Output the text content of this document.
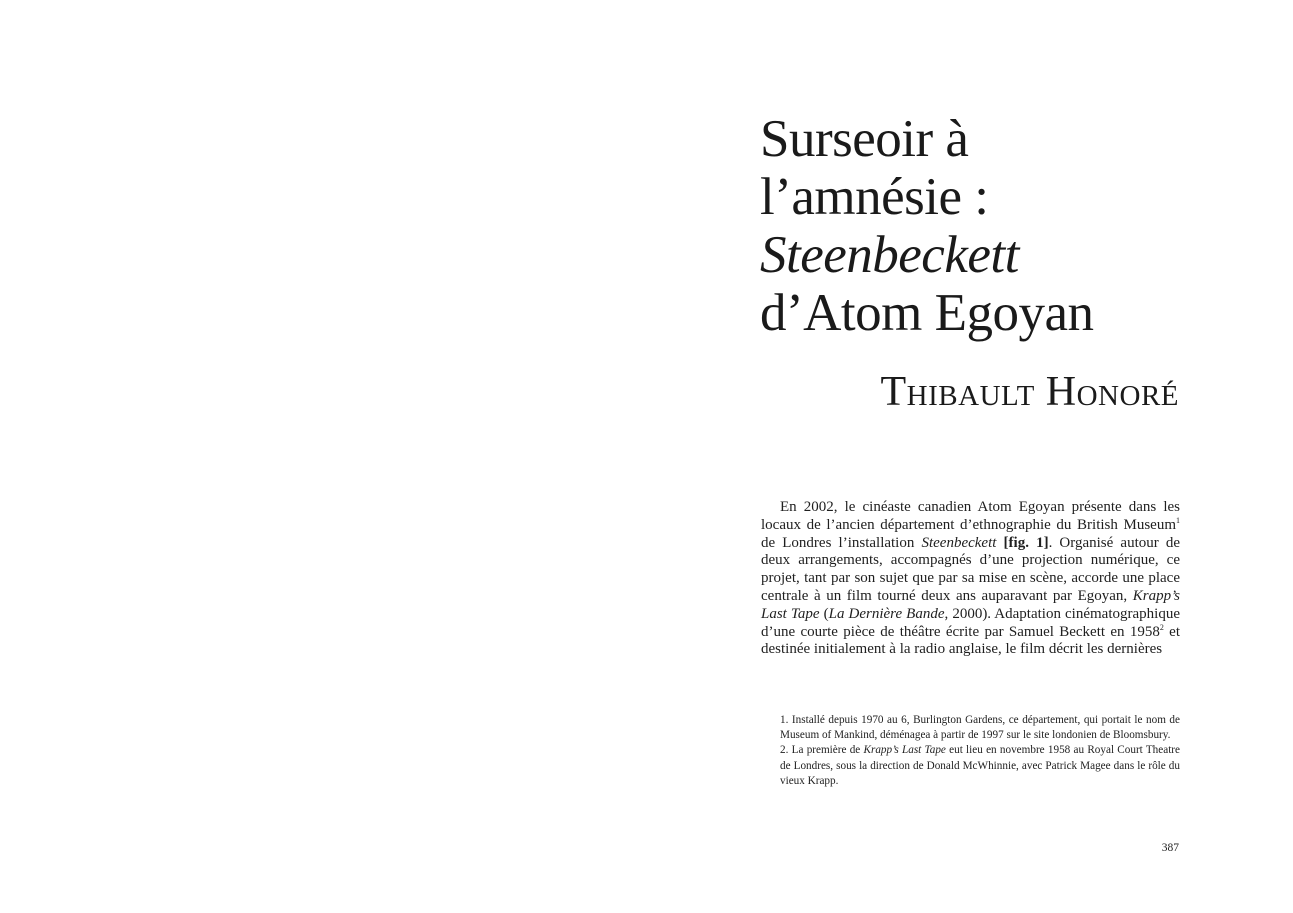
Surseoir à
l’amnésie :
Steenbeckett
d’Atom Egoyan
Thibault Honoré

En 2002, le cinéaste canadien Atom Egoyan présente dans les locaux de l’ancien département d’ethnographie du British Museum$^1$ de Londres l’installation Steenbeckett [fig. 1]. Organisé autour de deux arrangements, accompagnés d’une projection numérique, ce projet, tant par son sujet que par sa mise en scène, accorde une place centrale à un film tourné deux ans auparavant par Egoyan, Krapp’s Last Tape (La Dernière Bande, 2000). Adaptation cinématographique d’une courte pièce de théâtre écrite par Samuel Beckett en 1958$^2$ et destinée initialement à la radio anglaise, le film décrit les dernières

1. Installé depuis 1970 au 6, Burlington Gardens, ce département, qui portait le nom de Museum of Mankind, déménagea à partir de 1997 sur le site londonien de Bloomsbury.

2. La première de Krapp’s Last Tape eut lieu en novembre 1958 au Royal Court Theatre de Londres, sous la direction de Donald McWhinnie, avec Patrick Magee dans le rôle du vieux Krapp.

387
